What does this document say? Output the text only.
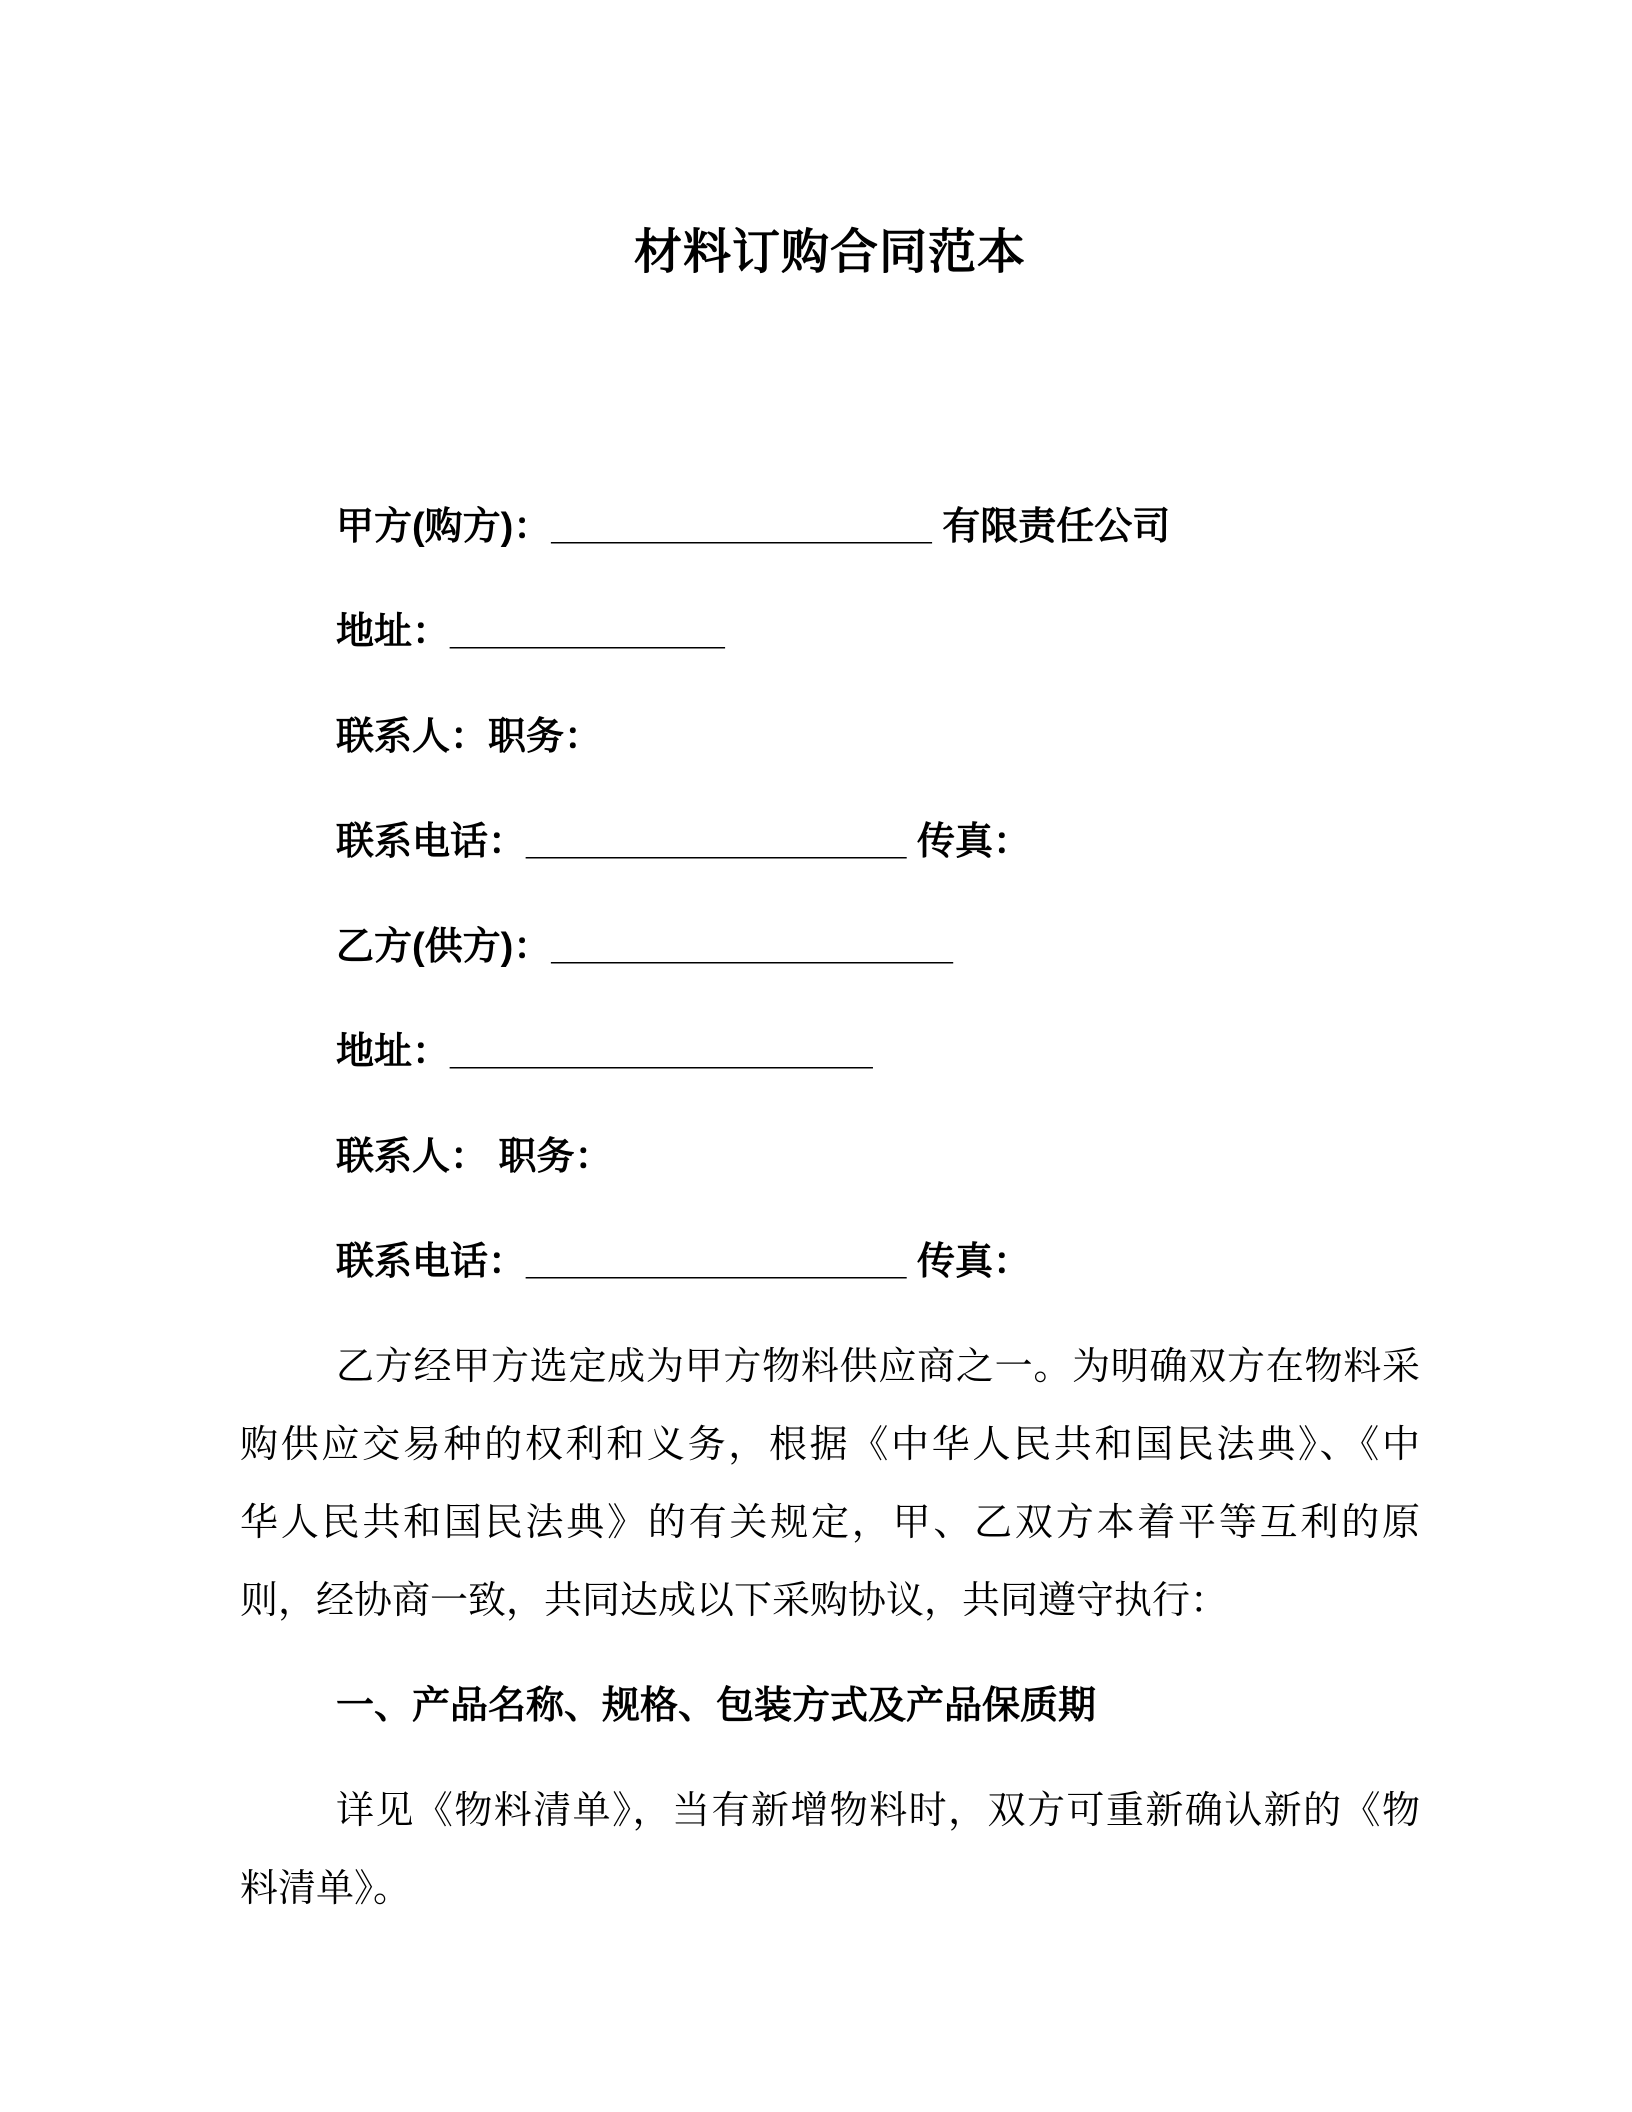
材料订购合同范本
甲方(购方)：__________________ 有限责任公司
地址：_____________
联系人：职务：
联系电话：__________________ 传真：
乙方(供方)：___________________
地址：____________________
联系人： 职务：
联系电话：__________________ 传真：
乙方经甲方选定成为甲方物料供应商之一。为明确双方在物料采
购供应交易种的权利和义务，根据《中华人民共和国民法典》、《中
华人民共和国民法典》的有关规定，甲、乙双方本着平等互利的原
则，经协商一致，共同达成以下采购协议，共同遵守执行：
一、产品名称、规格、包装方式及产品保质期
详见《物料清单》，当有新增物料时，双方可重新确认新的《物
料清单》。
